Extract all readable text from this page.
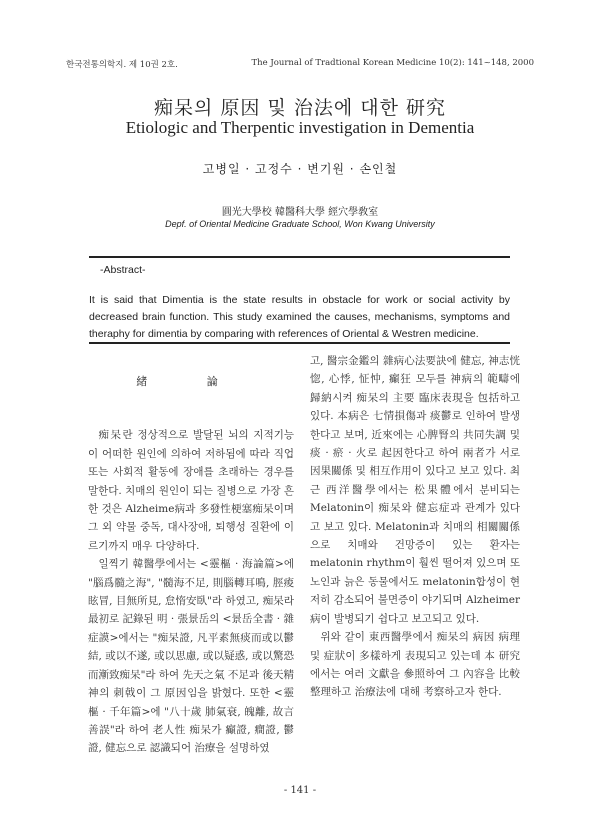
한국전통의학지. 제 10권 2호.	The Journal of Tradtional Korean Medicine 10(2): 141~148, 2000
痴呆의 原因 및 治法에 대한 研究
Etiologic and Therpentic investigation in Dementia
고병일 · 고정수 · 변기원 · 손인철
圓光大學校 韓醫科大學 經穴學敎室
Depf. of Oriental Medicine Graduate School, Won Kwang University
-Abstract-
It is said that Dimentia is the state results in obstacle for work or social activity by decreased brain function. This study examined the causes, mechanisms, symptoms and theraphy for dimentia by comparing with references of Oriental & Westren medicine.
緒 論

痴呆란 정상적으로 발달된 뇌의 지적기능이 어떠한 원인에 의하여 저하됨에 따라 직업 또는 사회적 활동에 장애를 초래하는 경우를 말한다. 치매의 원인이 되는 질병으로 가장 흔한 것은 Alzheime病과 多發性梗塞痴呆이며 그 외 약물 중독, 대사장애, 퇴행성 질환에 이르기까지 매우 다양하다.

일찍기 韓醫學에서는 <靈樞 · 海論篇>에 "腦爲髓之海", "髓海不足, 則腦轉耳鳴, 脛痠眩冒, 目無所見, 怠惰安臥"라 하였고, 痴呆라 最初로 記錄된 明 · 張景岳의 <景岳全書 · 雜症謨>에서는 "痴呆證, 凡平素無痰而或以鬱結, 或以不遂, 或以思慮, 或以疑惑, 或以驚恐而漸致痴呆"라 하여 先天之氣 不足과 後天精神의 刺戟이 그 原因임을 밝혔다. 또한 <靈樞 · 千年篇>에 "八十歲 肺氣衰, 魄離, 故言善誤"라 하여 老人性 痴呆가 癲證, 癎證, 鬱證, 健忘으로 認識되어 治療을 설명하였

고, 醫宗金鑑의 雜病心法要訣에 健忘, 神志恍惚, 心悸, 怔忡, 癲狂 모두를 神病의 範疇에 歸納시켜 痴呆의 主要 臨床表現을 包括하고 있다. 本病은 七情損傷과 痰鬱로 인하여 발생한다고 보며, 近來에는 心脾腎의 共同失調 및 痰 · 瘀 · 火로 起因한다고 하여 兩者가 서로 因果關係 및 相互作用이 있다고 보고 있다. 최근 西洋醫學에서는 松果體에서 분비되는 Melatonin이 痴呆와 健忘症과 관계가 있다고 보고 있다. Melatonin과 치매의 相關關係으로 치매와 건망증이 있는 환자는 melatonin rhythm이 훨씬 떨어져 있으며 또 노인과 늙은 동물에서도 melatonin합성이 현저히 감소되어 불면증이 야기되며 Alzheimer病이 발병되기 쉽다고 보고되고 있다.

위와 같이 東西醫學에서 痴呆의 病因 病理 및 症狀이 多樣하게 表現되고 있는데 本 研究에서는 여러 文獻을 參照하여 그 內容을 比較 整理하고 治療法에 대해 考察하고자 한다.

- 141 -
